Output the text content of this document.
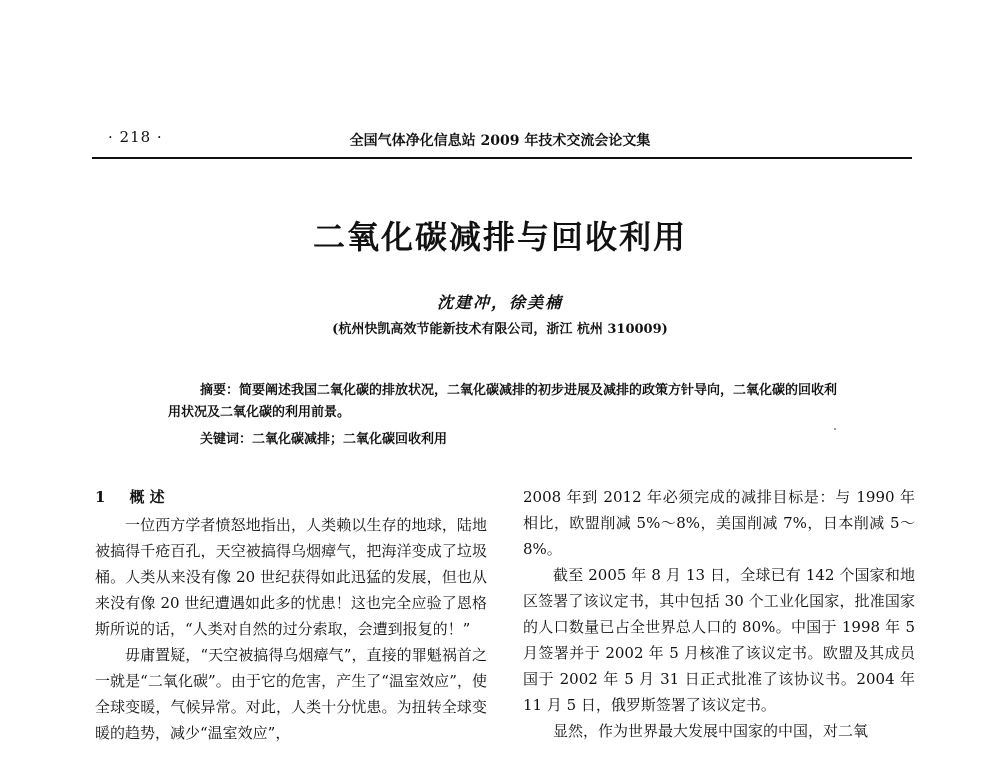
· 218 ·	全国气体净化信息站 2009 年技术交流会论文集
二氧化碳减排与回收利用
沈建冲，徐美楠
(杭州快凯高效节能新技术有限公司，浙江 杭州 310009)
摘要：简要阐述我国二氧化碳的排放状况，二氧化碳减排的初步进展及减排的政策方针导向，二氧化碳的回收利用状况及二氧化碳的利用前景。
关键词：二氧化碳减排；二氧化碳回收利用
1 概 述

一位西方学者愤怒地指出，人类赖以生存的地球，陆地被搞得千疮百孔，天空被搞得乌烟瘴气，把海洋变成了垃圾桶。人类从来没有像 20 世纪获得如此迅猛的发展，但也从来没有像 20 世纪遭遇如此多的忧患！这也完全应验了恩格斯所说的话，“人类对自然的过分索取，会遭到报复的！”

毋庸置疑，“天空被搞得乌烟瘴气”，直接的罪魁祸首之一就是“二氧化碳”。由于它的危害，产生了“温室效应”，使全球变暖，气候异常。对此，人类十分忧患。为扭转全球变暖的趋势，减少“温室效应”，

2008 年到 2012 年必须完成的减排目标是：与 1990 年相比，欧盟削减 5%～8%，美国削减 7%，日本削减 5～8%。

截至 2005 年 8 月 13 日，全球已有 142 个国家和地区签署了该议定书，其中包括 30 个工业化国家，批准国家的人口数量已占全世界总人口的 80%。中国于 1998 年 5 月签署并于 2002 年 5 月核准了该议定书。欧盟及其成员国于 2002 年 5 月 31 日正式批准了该协议书。2004 年 11 月 5 日，俄罗斯签署了该议定书。

显然，作为世界最大发展中国家的中国，对二氧
